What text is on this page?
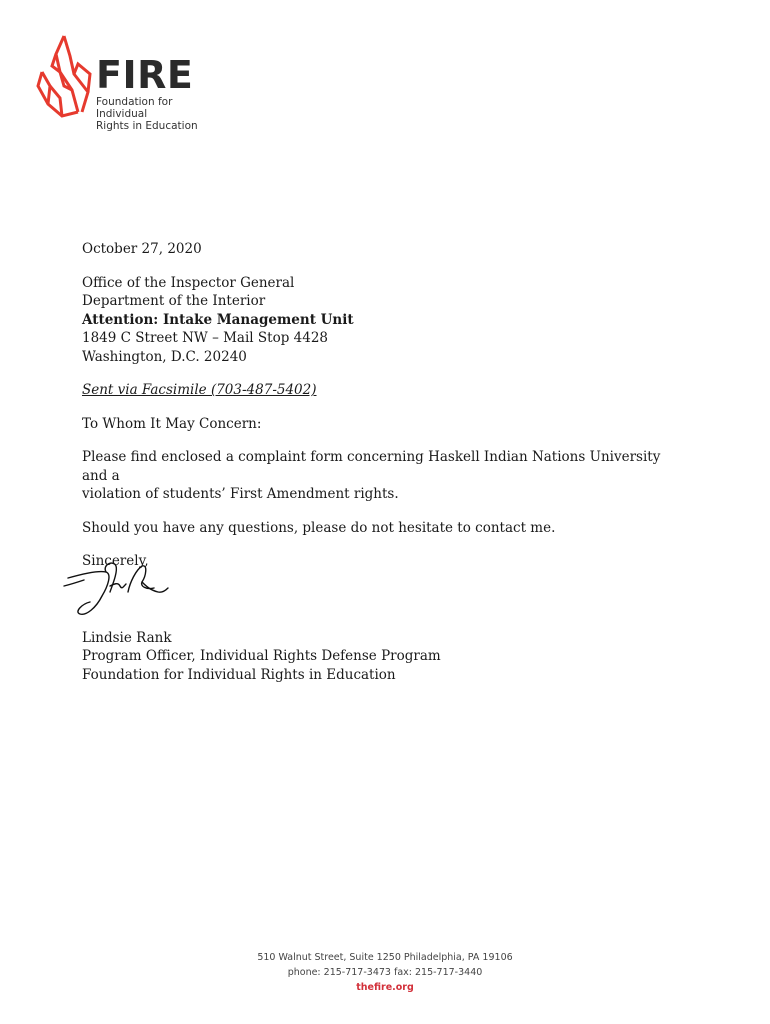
FIRE
Foundation for Individual
Rights in Education

October 27, 2020

Office of the Inspector General

Department of the Interior

Attention: Intake Management Unit

1849 C Street NW – Mail Stop 4428

Washington, D.C. 20240

Sent via Facsimile (703-487-5402)

To Whom It May Concern:

Please find enclosed a complaint form concerning Haskell Indian Nations University and a

violation of students’ First Amendment rights.

Should you have any questions, please do not hesitate to contact me.

Sincerely,

Lindsie Rank

Program Officer, Individual Rights Defense Program

Foundation for Individual Rights in Education

510 Walnut Street, Suite 1250 Philadelphia, PA 19106
phone: 215-717-3473 fax: 215-717-3440
thefire.org
